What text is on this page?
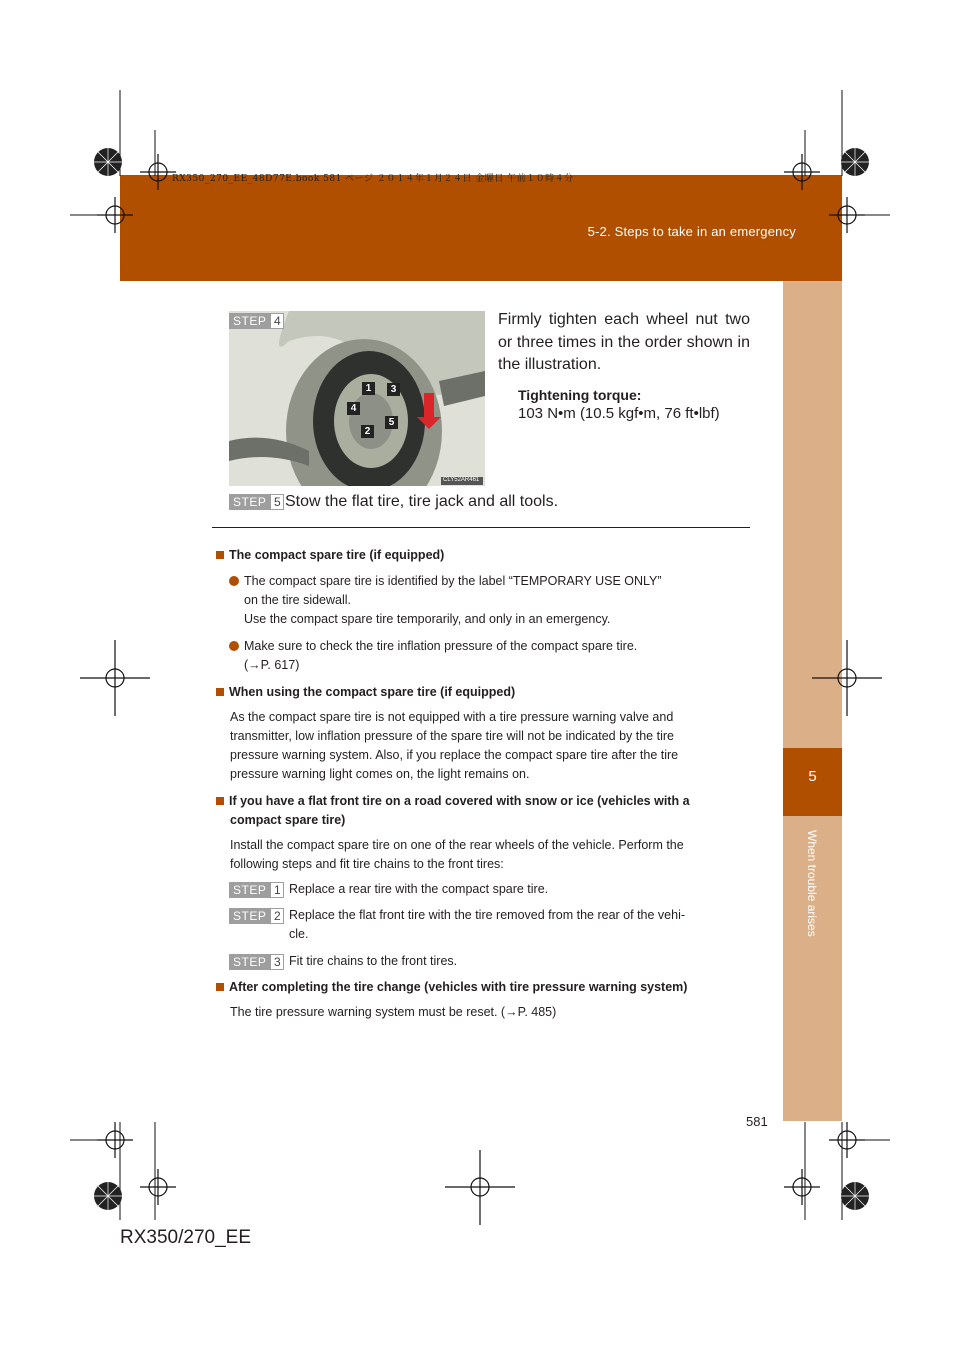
RX350_270_EE_48D77E.book 581 ページ ２０１４年１月２４日 金曜日 午前１０時４分
5-2. Steps to take in an emergency
5
When trouble arises
1	3
4
5
2
CLY52AR461
STEP 4	Firmly tighten each wheel nut two or three times in the order shown in the illustration.
Tightening torque:
103 N•m (10.5 kgf•m, 76 ft•lbf)
STEP 5 Stow the flat tire, tire jack and all tools.
The compact spare tire (if equipped)
The compact spare tire is identified by the label “TEMPORARY USE ONLY”
on the tire sidewall.
Use the compact spare tire temporarily, and only in an emergency.
Make sure to check the tire inflation pressure of the compact spare tire.
(→P. 617)
When using the compact spare tire (if equipped)
As the compact spare tire is not equipped with a tire pressure warning valve and
transmitter, low inflation pressure of the spare tire will not be indicated by the tire
pressure warning system. Also, if you replace the compact spare tire after the tire
pressure warning light comes on, the light remains on.
If you have a flat front tire on a road covered with snow or ice (vehicles with a
compact spare tire)
Install the compact spare tire on one of the rear wheels of the vehicle. Perform the
following steps and fit tire chains to the front tires:
STEP 1 Replace a rear tire with the compact spare tire.
STEP 2 Replace the flat front tire with the tire removed from the rear of the vehi-
cle.
STEP 3 Fit tire chains to the front tires.
After completing the tire change (vehicles with tire pressure warning system)
The tire pressure warning system must be reset. (→P. 485)
581
RX350/270_EE
